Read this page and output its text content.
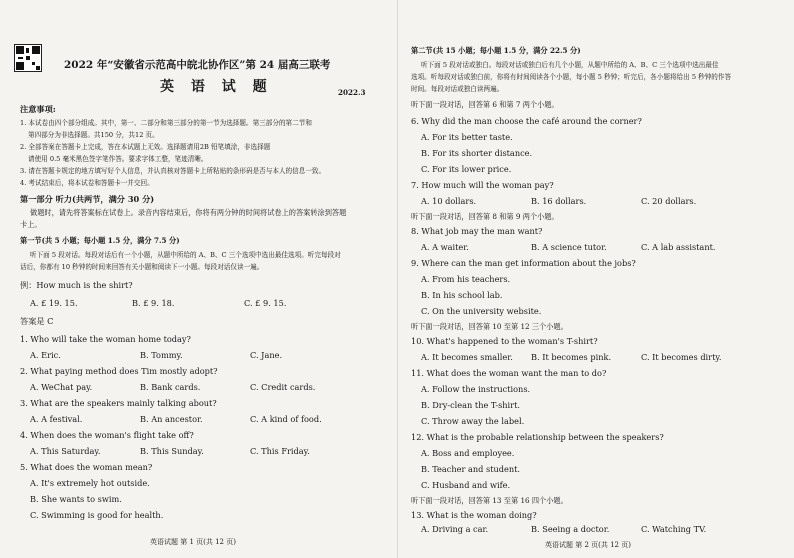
2022 年“安徽省示范高中皖北协作区”第 24 届高三联考
英 语 试 题	2022.3
注意事项:
1. 本试卷由四个部分组成。其中，第一、二部分和第三部分的第一节为选择题。第三部分的第二节和
第四部分为非选择题。共150 分，共12 页。
2. 全部答案在答题卡上完成，答在本试题上无效。选择题请用2B 铅笔填涂，非选择题
请使用 0.5 毫米黑色签字笔作答。要求字体工整，笔迹清晰。
3. 请在答题卡规定的地方填写好个人信息，并认真核对答题卡上所粘贴的条形码是否与本人的信息一致。
4. 考试结束后，将本试卷和答题卡一并交回。
第一部分 听力(共两节，满分 30 分)
做题时，请先将答案标在试卷上。录音内容结束后，你将有两分钟的时间将试卷上的答案转涂到答题
卡上。
第一节(共 5 小题；每小题 1.5 分，满分 7.5 分)
听下面 5 段对话。每段对话后有一个小题，从题中所给的 A、B、C 三个选项中选出最佳选项。听完每段对
话后，你都有 10 秒钟的时间来回答有关小题和阅读下一小题。每段对话仅读一遍。
例：How much is the shirt?
A. £ 19. 15.	B. £ 9. 18.	C. £ 9. 15.
答案是 C
1. Who will take the woman home today?
A. Eric.	B. Tommy.	C. Jane.
2. What paying method does Tim mostly adopt?
A. WeChat pay.	B. Bank cards.	C. Credit cards.
3. What are the speakers mainly talking about?
A. A festival.	B. An ancestor.	C. A kind of food.
4. When does the woman's flight take off?
A. This Saturday.	B. This Sunday.	C. This Friday.
5. What does the woman mean?
A. It's extremely hot outside.
B. She wants to swim.
C. Swimming is good for health.
英语试题 第 1 页(共 12 页)
第二节(共 15 小题；每小题 1.5 分，满分 22.5 分)
听下面 5 段对话或独白。每段对话或独白后有几个小题，从题中所给的 A、B、C 三个选项中选出最佳
选项。听每段对话或独白前，你将有时间阅读各个小题，每小题 5 秒钟；听完后，各小题将给出 5 秒钟的作答
时间。每段对话或独白读两遍。
听下面一段对话，回答第 6 和第 7 两个小题。
6. Why did the man choose the café around the corner?
A. For its better taste.
B. For its shorter distance.
C. For its lower price.
7. How much will the woman pay?
A. 10 dollars.	B. 16 dollars.	C. 20 dollars.
听下面一段对话，回答第 8 和第 9 两个小题。
8. What job may the man want?
A. A waiter.	B. A science tutor.	C. A lab assistant.
9. Where can the man get information about the jobs?
A. From his teachers.
B. In his school lab.
C. On the university website.
听下面一段对话，回答第 10 至第 12 三个小题。
10. What's happened to the woman's T-shirt?
A. It becomes smaller. B. It becomes pink.	C. It becomes dirty.
11. What does the woman want the man to do?
A. Follow the instructions.
B. Dry-clean the T-shirt.
C. Throw away the label.
12. What is the probable relationship between the speakers?
A. Boss and employee.
B. Teacher and student.
C. Husband and wife.
听下面一段对话，回答第 13 至第 16 四个小题。
13. What is the woman doing?
A. Driving a car.	B. Seeing a doctor.	C. Watching TV.
英语试题 第 2 页(共 12 页)
